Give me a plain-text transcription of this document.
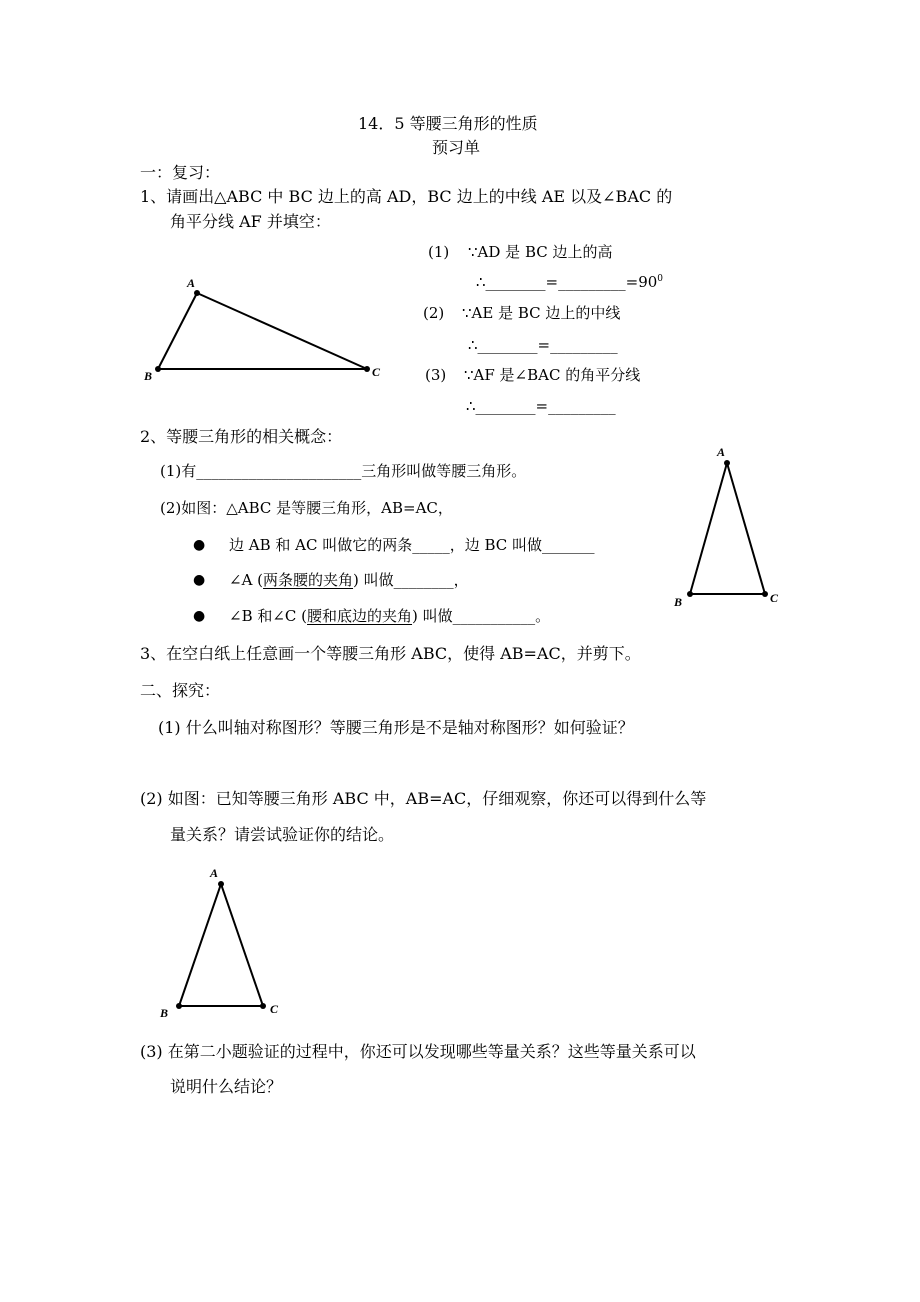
14．5 等腰三角形的性质
预习单
一：复习：
1、请画出△ABC 中 BC 边上的高 AD，BC 边上的中线 AE 以及∠BAC 的
角平分线 AF 并填空：
(1) ∵AD 是 BC 边上的高
$\therefore\_\_\_\_\_\_\_\_=\_\_\_\_\_\_\_\_\_=90^0$
(2) ∵AE 是 BC 边上的中线
∴________=_________
(3) ∵AF 是∠BAC 的角平分线
∴________=_________
A
B	C
A
B	C
A
B	C
2、等腰三角形的相关概念：
(1)有______________________三角形叫做等腰三角形。
(2)如图：△ABC 是等腰三角形，AB=AC，
● 边 AB 和 AC 叫做它的两条_____，边 BC 叫做_______
● ∠A (两条腰的夹角) 叫做________，
● ∠B 和∠C (腰和底边的夹角) 叫做___________。
3、在空白纸上任意画一个等腰三角形 ABC，使得 AB=AC，并剪下。
二、探究：
(1) 什么叫轴对称图形？等腰三角形是不是轴对称图形？如何验证？
(2) 如图：已知等腰三角形 ABC 中，AB=AC，仔细观察，你还可以得到什么等
量关系？请尝试验证你的结论。
(3) 在第二小题验证的过程中，你还可以发现哪些等量关系？这些等量关系可以
说明什么结论？
